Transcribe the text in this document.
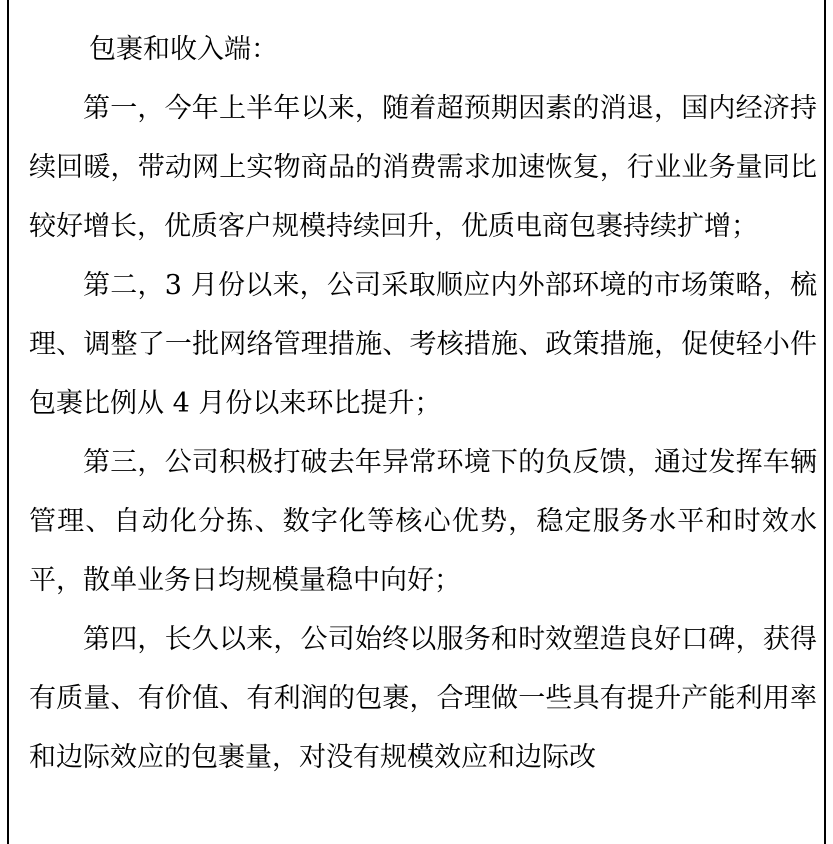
包裹和收入端：

第一，今年上半年以来，随着超预期因素的消退，国内经济持续回暖，带动网上实物商品的消费需求加速恢复，行业业务量同比较好增长，优质客户规模持续回升，优质电商包裹持续扩增；

第二，3 月份以来，公司采取顺应内外部环境的市场策略，梳理、调整了一批网络管理措施、考核措施、政策措施，促使轻小件包裹比例从 4 月份以来环比提升；

第三，公司积极打破去年异常环境下的负反馈，通过发挥车辆管理、自动化分拣、数字化等核心优势，稳定服务水平和时效水平，散单业务日均规模量稳中向好；

第四，长久以来，公司始终以服务和时效塑造良好口碑，获得有质量、有价值、有利润的包裹，合理做一些具有提升产能利用率和边际效应的包裹量，对没有规模效应和边际改
